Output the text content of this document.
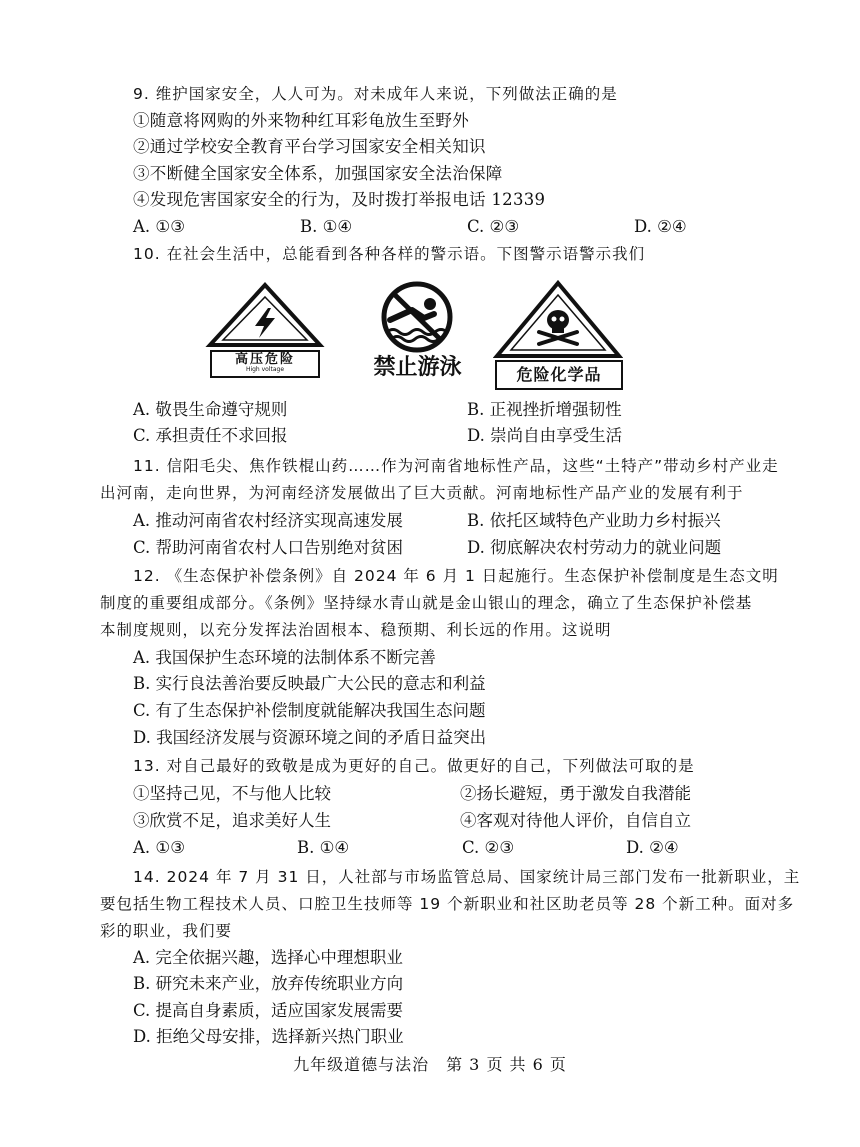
9. 维护国家安全，人人可为。对未成年人来说，下列做法正确的是
①随意将网购的外来物种红耳彩龟放生至野外
②通过学校安全教育平台学习国家安全相关知识
③不断健全国家安全体系，加强国家安全法治保障
④发现危害国家安全的行为，及时拨打举报电话 12339
A. ①③	B. ①④	C. ②③	D. ②④
10. 在社会生活中，总能看到各种各样的警示语。下图警示语警示我们
高压危险
High voltage	禁止游泳	危险化学品
A. 敬畏生命遵守规则	B. 正视挫折增强韧性
C. 承担责任不求回报	D. 崇尚自由享受生活
11. 信阳毛尖、焦作铁棍山药……作为河南省地标性产品，这些“土特产”带动乡村产业走
出河南，走向世界，为河南经济发展做出了巨大贡献。河南地标性产品产业的发展有利于
A. 推动河南省农村经济实现高速发展	B. 依托区域特色产业助力乡村振兴
C. 帮助河南省农村人口告别绝对贫困	D. 彻底解决农村劳动力的就业问题
12. 《生态保护补偿条例》自 2024 年 6 月 1 日起施行。生态保护补偿制度是生态文明
制度的重要组成部分。《条例》坚持绿水青山就是金山银山的理念，确立了生态保护补偿基
本制度规则，以充分发挥法治固根本、稳预期、利长远的作用。这说明
A. 我国保护生态环境的法制体系不断完善
B. 实行良法善治要反映最广大公民的意志和利益
C. 有了生态保护补偿制度就能解决我国生态问题
D. 我国经济发展与资源环境之间的矛盾日益突出
13. 对自己最好的致敬是成为更好的自己。做更好的自己，下列做法可取的是
①坚持己见，不与他人比较	②扬长避短，勇于激发自我潜能
③欣赏不足，追求美好人生	④客观对待他人评价，自信自立
A. ①③	B. ①④	C. ②③	D. ②④
14. 2024 年 7 月 31 日，人社部与市场监管总局、国家统计局三部门发布一批新职业，主
要包括生物工程技术人员、口腔卫生技师等 19 个新职业和社区助老员等 28 个新工种。面对多
彩的职业，我们要
A. 完全依据兴趣，选择心中理想职业
B. 研究未来产业，放弃传统职业方向
C. 提高自身素质，适应国家发展需要
D. 拒绝父母安排，选择新兴热门职业
九年级道德与法治　第 3 页 共 6 页
